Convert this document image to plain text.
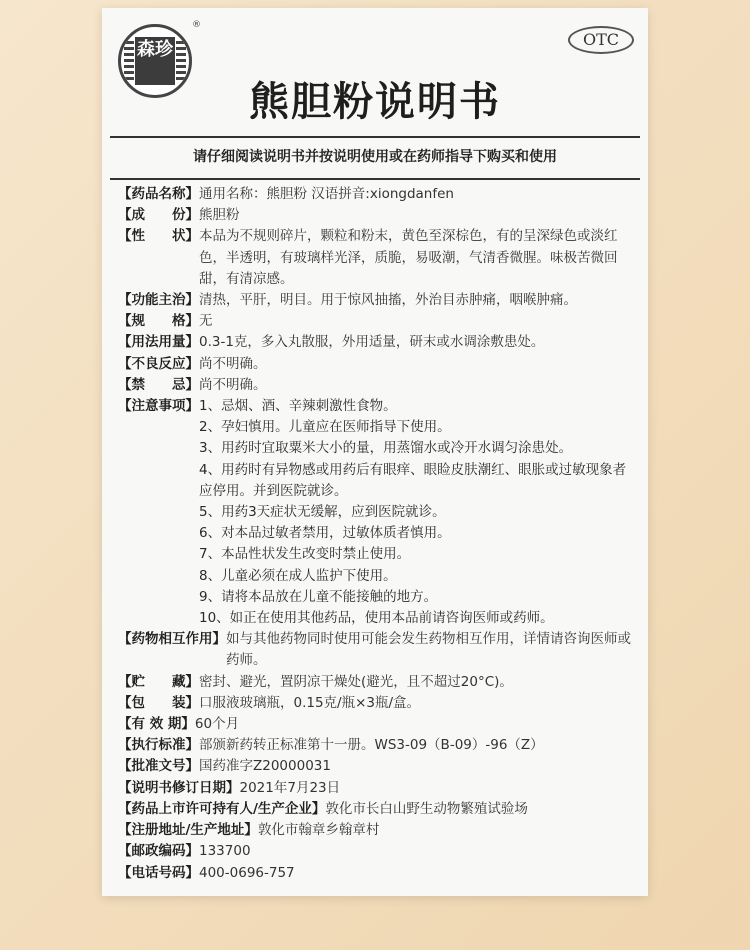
森珍
®
OTC
熊胆粉说明书
请仔细阅读说明书并按说明使用或在药师指导下购买和使用
【药品名称】 通用名称：熊胆粉 汉语拼音:xiongdanfen
【成　　份】 熊胆粉
【性　　状】 本品为不规则碎片，颗粒和粉末，黄色至深棕色，有的呈深绿色或淡红色，半透明，有玻璃样光泽，质脆，易吸潮，气清香微腥。味极苦微回甜，有清凉感。
【功能主治】 清热，平肝，明目。用于惊风抽搐，外治目赤肿痛，咽喉肿痛。
【规　　格】 无
【用法用量】 0.3-1克，多入丸散服，外用适量，研末或水调涂敷患处。
【不良反应】 尚不明确。
【禁　　忌】 尚不明确。
【注意事项】 1、忌烟、酒、辛辣刺激性食物。
2、孕妇慎用。儿童应在医师指导下使用。
3、用药时宜取粟米大小的量，用蒸馏水或冷开水调匀涂患处。
4、用药时有异物感或用药后有眼痒、眼睑皮肤潮红、眼胀或过敏现象者应停用。并到医院就诊。
5、用药3天症状无缓解，应到医院就诊。
6、对本品过敏者禁用，过敏体质者慎用。
7、本品性状发生改变时禁止使用。
8、儿童必须在成人监护下使用。
9、请将本品放在儿童不能接触的地方。
10、如正在使用其他药品，使用本品前请咨询医师或药师。
【药物相互作用】 如与其他药物同时使用可能会发生药物相互作用，详情请咨询医师或药师。
【贮　　藏】 密封、避光，置阴凉干燥处(避光，且不超过20°C)。
【包　　装】 口服液玻璃瓶，0.15克/瓶×3瓶/盒。
【有 效 期】 60个月
【执行标准】 部颁新药转正标准第十一册。WS3-09（B-09）-96（Z）
【批准文号】 国药准字Z20000031
【说明书修订日期】 2021年7月23日
【药品上市许可持有人/生产企业】 敦化市长白山野生动物繁殖试验场
【注册地址/生产地址】 敦化市翰章乡翰章村
【邮政编码】 133700
【电话号码】 400-0696-757
